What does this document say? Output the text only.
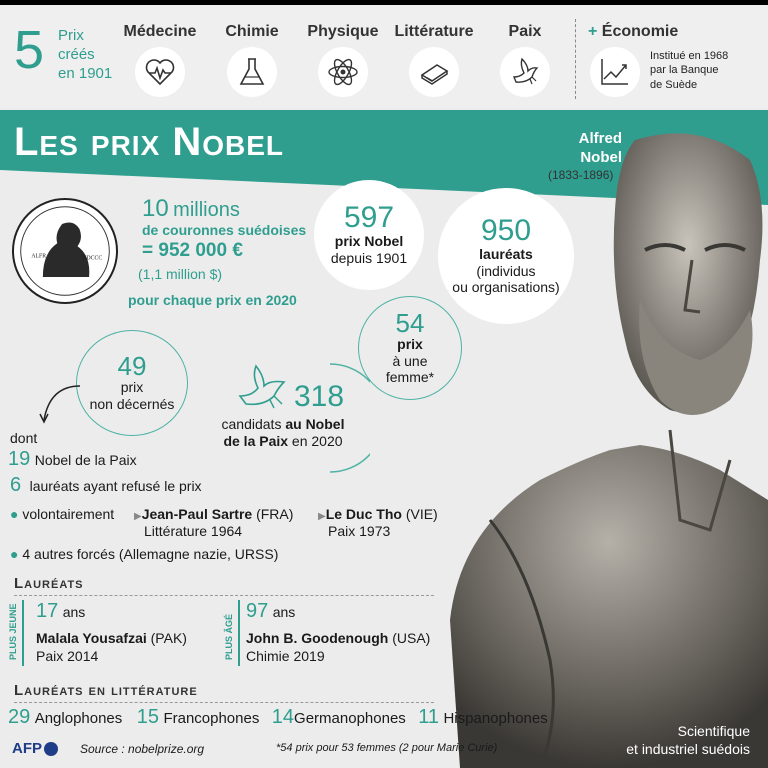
5 Prix
créés
en 1901
Médecine	Chimie	Physique Littérature	Paix	+ Économie
Institué en 1968
par la Banque
de Suède
Les prix Nobel	Alfred
Nobel
(1833-1896)
ALFR	MDCCC
10 millions
de couronnes suédoises
= 952 000 €
(1,1 million $)
pour chaque prix en 2020
597
prix Nobel
depuis 1901
950
lauréats
(individus
ou organisations)
54
prix
à une
femme*
49
prix
non décernés	318
candidats au Nobel
de la Paix en 2020
dont
19 Nobel de la Paix
6 lauréats ayant refusé le prix
● volontairement ▶Jean-Paul Sartre (FRA)
Littérature 1964
▶Le Duc Tho (VIE)
Paix 1973
● 4 autres forcés (Allemagne nazie, URSS)
Lauréats
PLUS JEUNE 17 ans
Malala Yousafzai (PAK)
Paix 2014	PLUS ÂGÉ
97 ans
John B. Goodenough (USA)
Chimie 2019
Lauréats en littérature
29 Anglophones 15 Francophones 14Germanophones 11 Hispanophones
AFP	Source : nobelprize.org	*54 prix pour 53 femmes (2 pour Marie Curie)
Scientifique
et industriel suédois
